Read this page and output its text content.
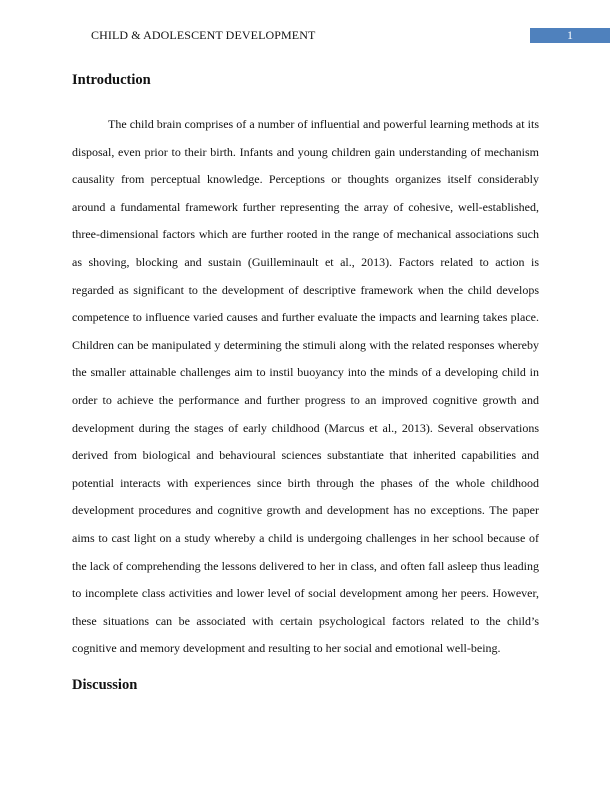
CHILD & ADOLESCENT DEVELOPMENT	1
Introduction

The child brain comprises of a number of influential and powerful learning methods at its disposal, even prior to their birth. Infants and young children gain understanding of mechanism causality from perceptual knowledge. Perceptions or thoughts organizes itself considerably around a fundamental framework further representing the array of cohesive, well-established, three-dimensional factors which are further rooted in the range of mechanical associations such as shoving, blocking and sustain (Guilleminault et al., 2013). Factors related to action is regarded as significant to the development of descriptive framework when the child develops competence to influence varied causes and further evaluate the impacts and learning takes place. Children can be manipulated y determining the stimuli along with the related responses whereby the smaller attainable challenges aim to instil buoyancy into the minds of a developing child in order to achieve the performance and further progress to an improved cognitive growth and development during the stages of early childhood (Marcus et al., 2013). Several observations derived from biological and behavioural sciences substantiate that inherited capabilities and potential interacts with experiences since birth through the phases of the whole childhood development procedures and cognitive growth and development has no exceptions. The paper aims to cast light on a study whereby a child is undergoing challenges in her school because of the lack of comprehending the lessons delivered to her in class, and often fall asleep thus leading to incomplete class activities and lower level of social development among her peers. However, these situations can be associated with certain psychological factors related to the child’s cognitive and memory development and resulting to her social and emotional well-being.

Discussion
